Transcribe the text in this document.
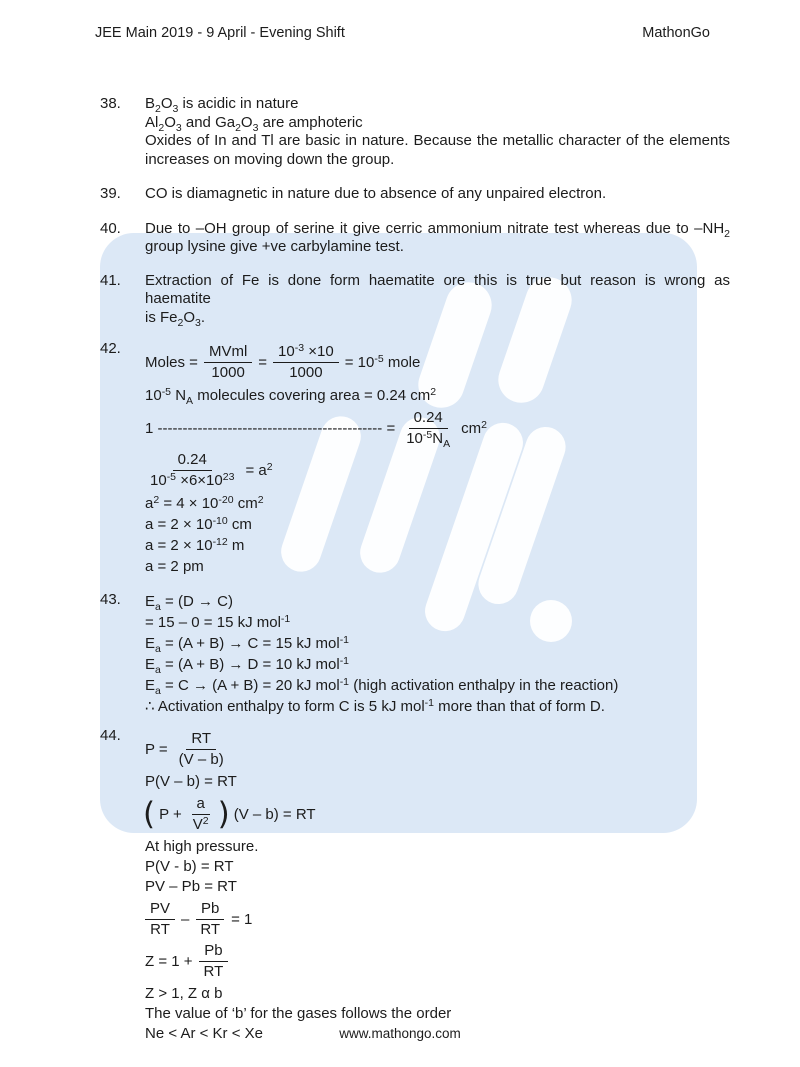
JEE Main 2019 - 9 April - Evening Shift	MathonGo
38.	$B_2O_3$ is acidic in nature
$Al_2O_3$ and $Ga_2O_3$ are amphoteric
Oxides of In and Tl are basic in nature. Because the metallic character of the elements
increases on moving down the group.
39.	CO is diamagnetic in nature due to absence of any unpaired electron.
40.	Due to –OH group of serine it give cerric ammonium nitrate test whereas due to $-NH_2$
group lysine give +ve carbylamine test.
41.	Extraction of Fe is done form haematite ore this is true but reason is wrong as haematite
is $Fe_2O_3$.
42.
Moles = $\frac{\text{MVml}}{1000} = \frac{10^{-3} \times 10}{1000} = 10^{-5}$ mole
$10^{-5}$ $N_A$ molecules covering area = 0.24 $cm^2$
1 --------------------------------------------- = $\frac{0.24}{10^{-5}N_A} cm^2$
$\frac{0.24}{10^{-5} \times 6\times 10^{23}} = a^2$
$a^2 = 4 \times 10^{-20}$ $cm^2$
$a = 2 \times 10^{-10}$ cm
$a = 2 \times 10^{-12}$ m
a = 2 pm
43.	$E_a = (D \to C)$
= 15 – 0 = 15 kJ mol$^{-1}$
$E_a = (A + B) \to C = 15$ kJ mol$^{-1}$
$E_a = (A + B) \to D = 10$ kJ mol$^{-1}$
$E_a = C \to (A + B) = 20$ kJ mol$^{-1}$ (high activation enthalpy in the reaction)
∴ Activation enthalpy to form C is 5 kJ mol$^{-1}$ more than that of form D.
44.
$P = \frac{RT}{(V - b)}$
P(V – b) = RT
( $P + \frac{a}{V^2}$ ) (V – b) = RT
At high pressure.
P(V - b) = RT
PV – Pb = RT
$\frac{PV}{RT} - \frac{Pb}{RT} = 1$
$Z = 1 + \frac{Pb}{RT}$
Z > 1, Z α b
The value of ‘b’ for the gases follows the order
Ne < Ar < Kr < Xe	www.mathongo.com
